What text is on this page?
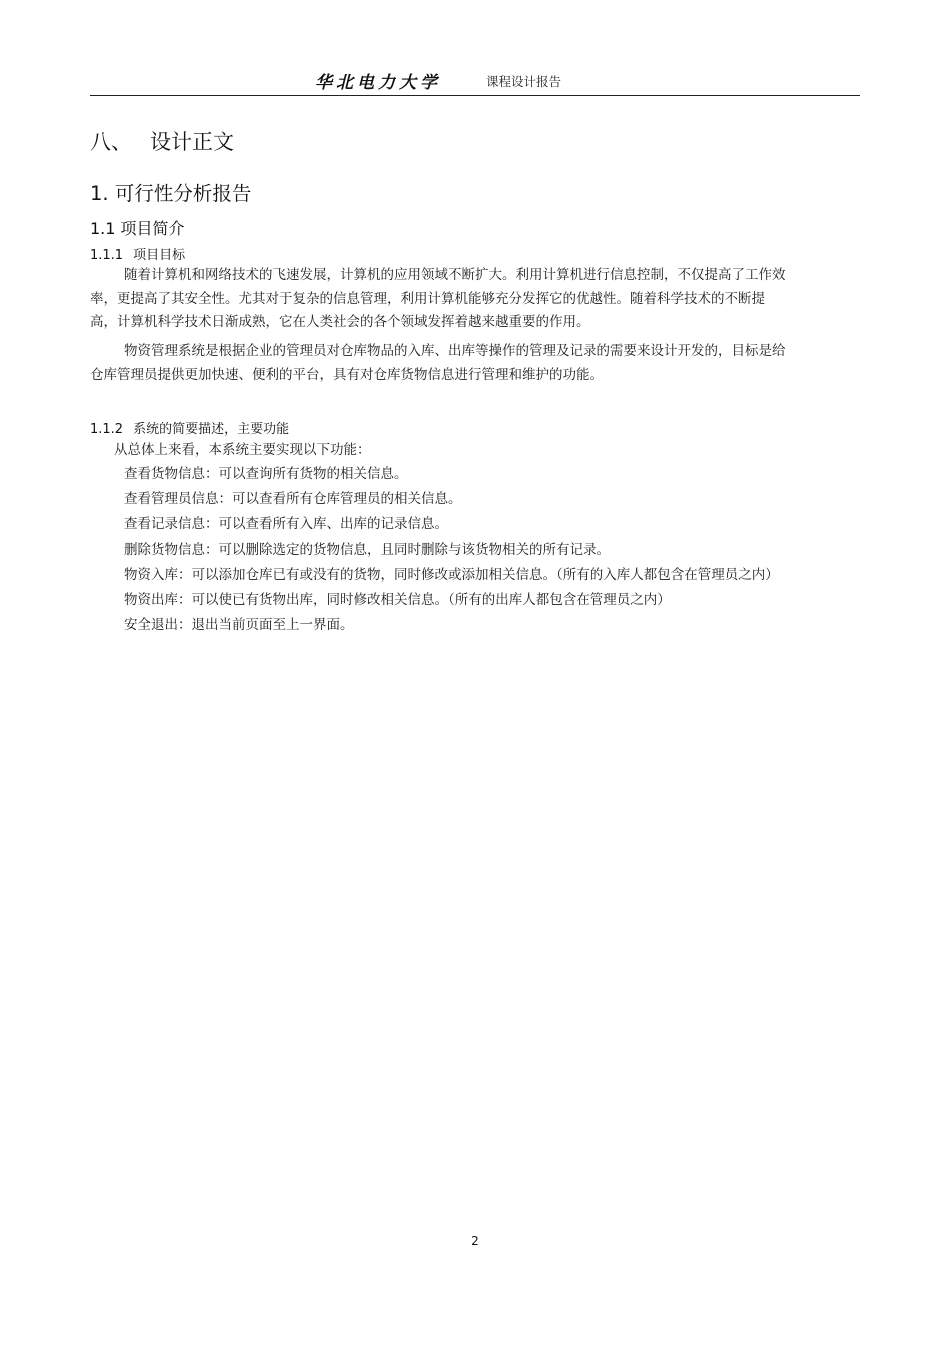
华北电力大学	课程设计报告
八、 设计正文
1. 可行性分析报告
1.1 项目简介
1.1.1 项目目标

随着计算机和网络技术的飞速发展，计算机的应用领域不断扩大。利用计算机进行信息控制，不仅提高了工作效率，更提高了其安全性。尤其对于复杂的信息管理，利用计算机能够充分发挥它的优越性。随着科学技术的不断提高，计算机科学技术日渐成熟，它在人类社会的各个领域发挥着越来越重要的作用。

物资管理系统是根据企业的管理员对仓库物品的入库、出库等操作的管理及记录的需要来设计开发的，目标是给仓库管理员提供更加快速、便利的平台，具有对仓库货物信息进行管理和维护的功能。

1.1.2 系统的简要描述，主要功能

从总体上来看，本系统主要实现以下功能：

查看货物信息：可以查询所有货物的相关信息。
查看管理员信息：可以查看所有仓库管理员的相关信息。
查看记录信息：可以查看所有入库、出库的记录信息。
删除货物信息：可以删除选定的货物信息，且同时删除与该货物相关的所有记录。
物资入库：可以添加仓库已有或没有的货物，同时修改或添加相关信息。（所有的入库人都包含在管理员之内）
物资出库：可以使已有货物出库，同时修改相关信息。（所有的出库人都包含在管理员之内）
安全退出：退出当前页面至上一界面。
2
